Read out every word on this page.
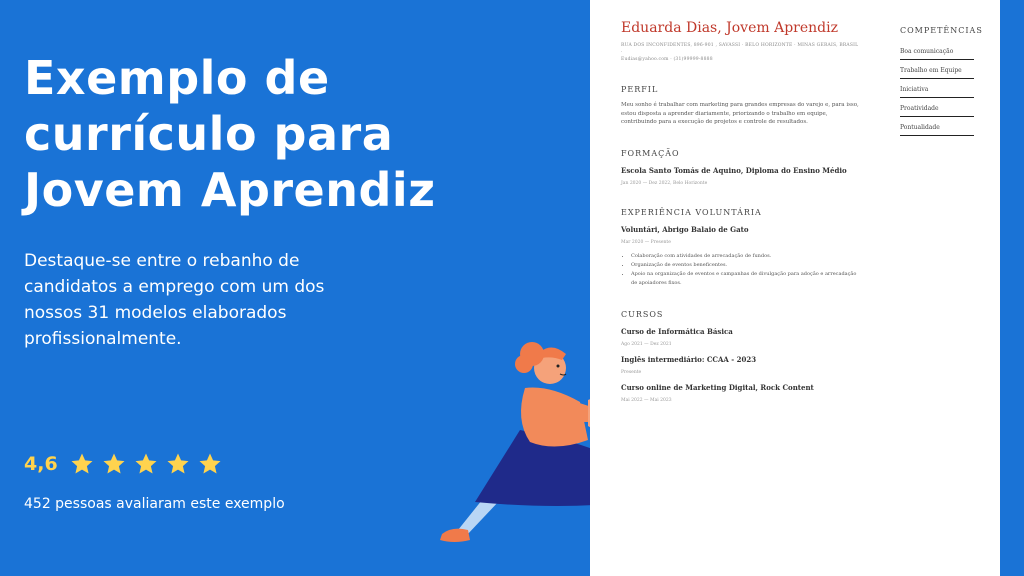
Exemplo de
currículo para
Jovem Aprendiz

Destaque-se entre o rebanho de candidatos a emprego com um dos nossos 31 modelos elaborados profissionalmente.

4,6
452 pessoas avaliaram este exemplo
Eduarda Dias, Jovem Aprendiz
RUA DOS INCONFIDENTES, 896-901 , SAVASSI · BELO HORIZONTE · MINAS GERAIS, BRASIL ·
Eudias@yahoo.com · (31)99999-8888
PERFIL
Meu sonho é trabalhar com marketing para grandes empresas do varejo e, para isso, estou disposta a aprender diariamente, priorizando o trabalho em equipe, contribuindo para a execução de projetos e controle de resultados.
FORMAÇÃO
Escola Santo Tomás de Aquino, Diploma do Ensino Médio
Jan 2020 — Dez 2022, Belo Horizonte
EXPERIÊNCIA VOLUNTÁRIA
Voluntári, Abrigo Balaio de Gato
Mar 2020 — Presente
• Colaboração com atividades de arrecadação de fundos.
• Organização de eventos beneficentes.
• Apoio na organização de eventos e campanhas de divulgação para adoção e arrecadação de apoiadores fixos.
CURSOS
Curso de Informática Básica
Ago 2021 — Dez 2021
Inglês intermediário: CCAA - 2023
Presente
Curso online de Marketing Digital, Rock Content
Mai 2022 — Mai 2023
COMPETÊNCIAS
Boa comunicação
Trabalho em Equipe
Iniciativa
Proatividade
Pontualidade
